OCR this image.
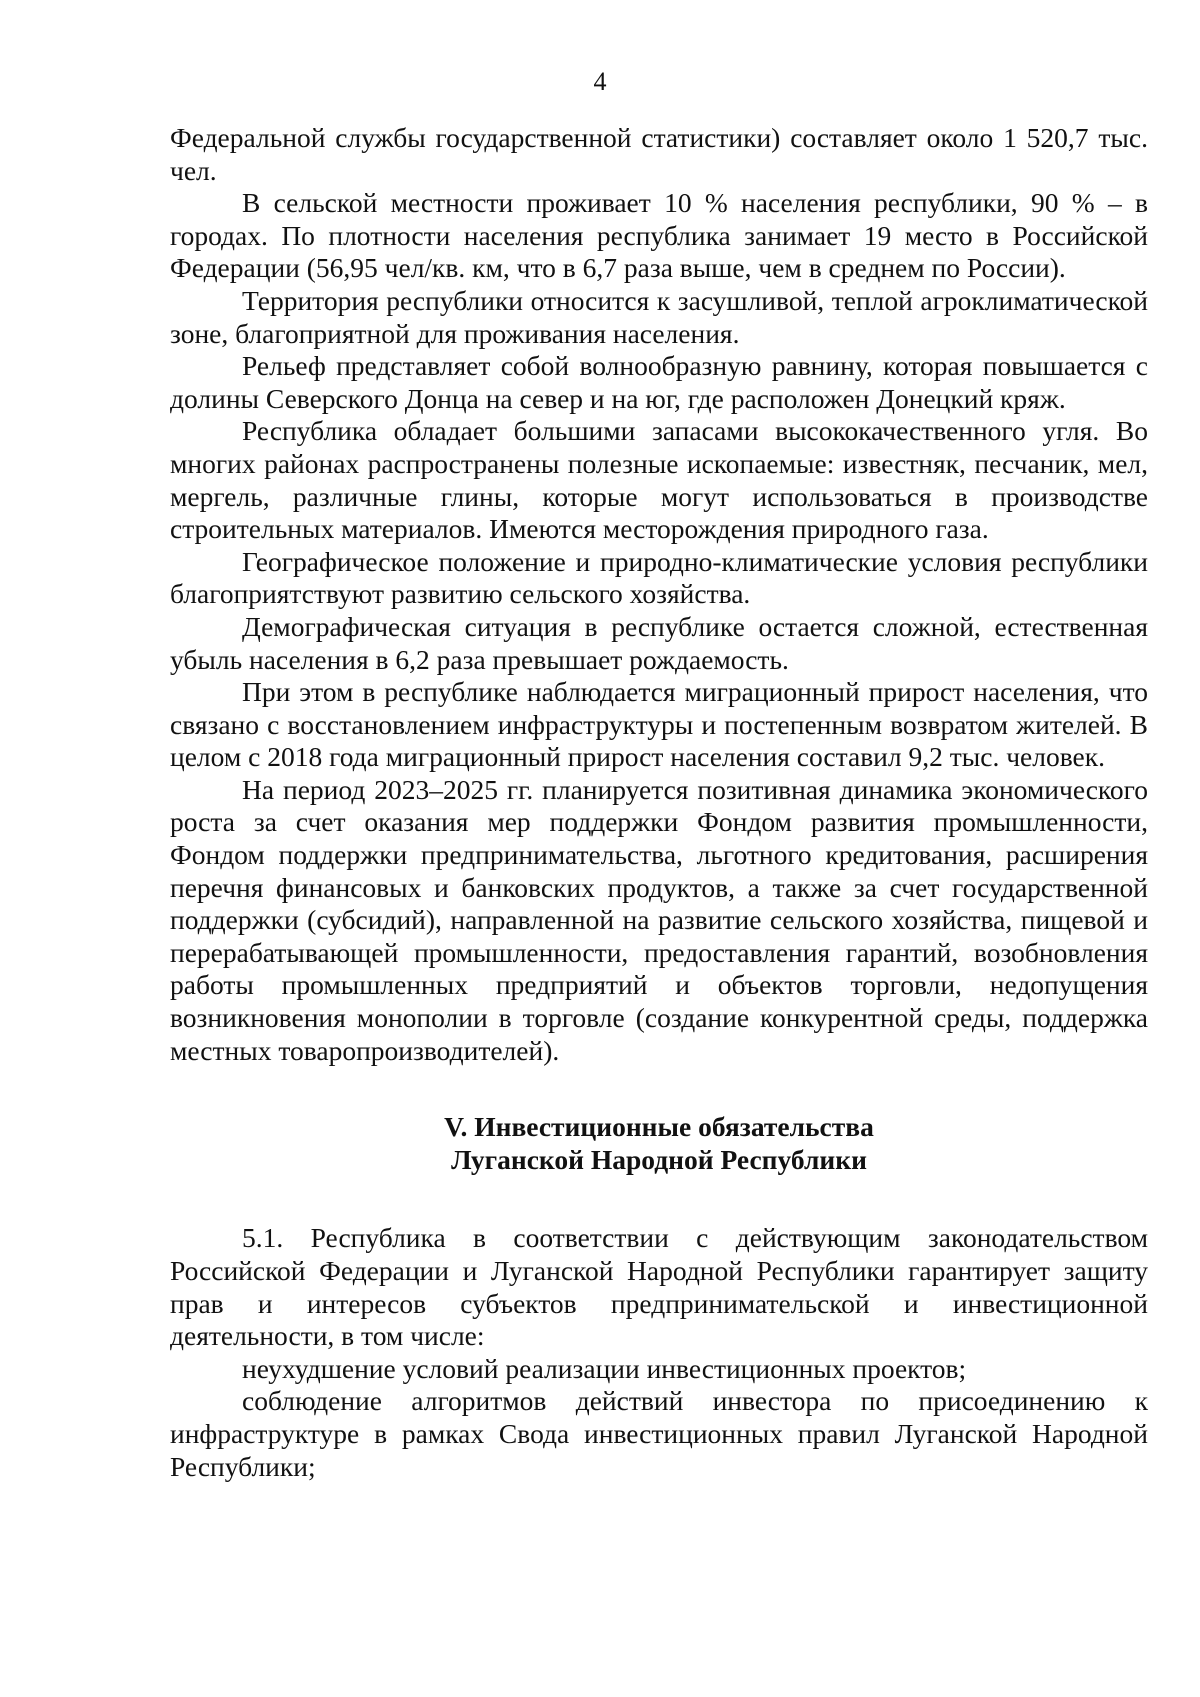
4

Федеральной службы государственной статистики) составляет около 1 520,7 тыс. чел.

В сельской местности проживает 10 % населения республики, 90 % – в городах. По плотности населения республика занимает 19 место в Российской Федерации (56,95 чел/кв. км, что в 6,7 раза выше, чем в среднем по России).

Территория республики относится к засушливой, теплой агроклиматической зоне, благоприятной для проживания населения.

Рельеф представляет собой волнообразную равнину, которая повышается с долины Северского Донца на север и на юг, где расположен Донецкий кряж.

Республика обладает большими запасами высококачественного угля. Во многих районах распространены полезные ископаемые: известняк, песчаник, мел, мергель, различные глины, которые могут использоваться в производстве строительных материалов. Имеются месторождения природного газа.

Географическое положение и природно-климатические условия республики благоприятствуют развитию сельского хозяйства.

Демографическая ситуация в республике остается сложной, естественная убыль населения в 6,2 раза превышает рождаемость.

При этом в республике наблюдается миграционный прирост населения, что связано с восстановлением инфраструктуры и постепенным возвратом жителей. В целом с 2018 года миграционный прирост населения составил 9,2 тыс. человек.

На период 2023–2025 гг. планируется позитивная динамика экономического роста за счет оказания мер поддержки Фондом развития промышленности, Фондом поддержки предпринимательства, льготного кредитования, расширения перечня финансовых и банковских продуктов, а также за счет государственной поддержки (субсидий), направленной на развитие сельского хозяйства, пищевой и перерабатывающей промышленности, предоставления гарантий, возобновления работы промышленных предприятий и объектов торговли, недопущения возникновения монополии в торговле (создание конкурентной среды, поддержка местных товаропроизводителей).

V. Инвестиционные обязательства
Луганской Народной Республики

5.1. Республика в соответствии с действующим законодательством Российской Федерации и Луганской Народной Республики гарантирует защиту прав и интересов субъектов предпринимательской и инвестиционной деятельности, в том числе:

неухудшение условий реализации инвестиционных проектов;

соблюдение алгоритмов действий инвестора по присоединению к инфраструктуре в рамках Свода инвестиционных правил Луганской Народной Республики;
